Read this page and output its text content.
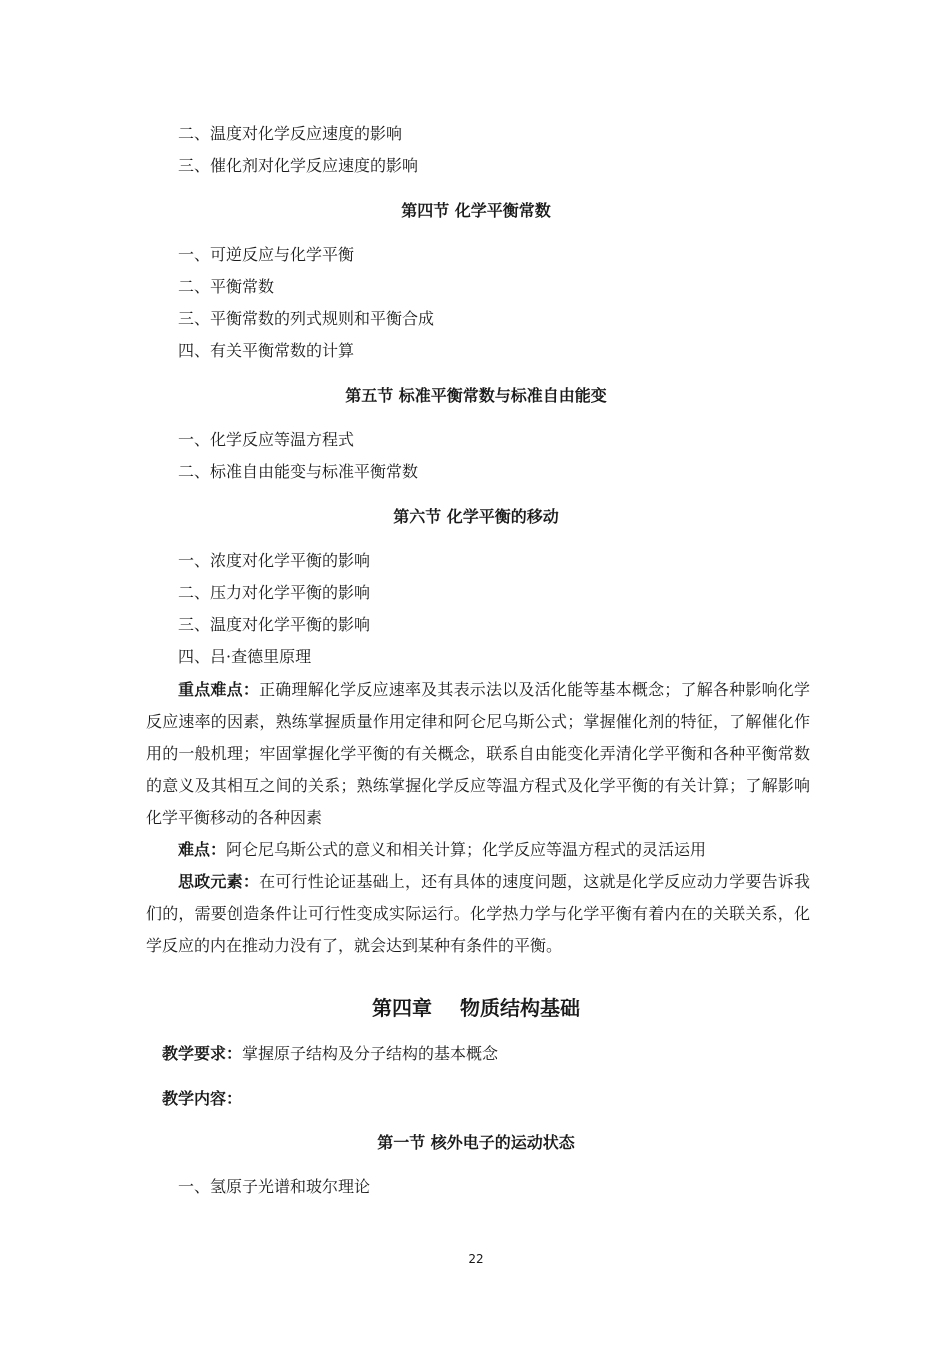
二、温度对化学反应速度的影响
三、催化剂对化学反应速度的影响
第四节 化学平衡常数
一、可逆反应与化学平衡
二、平衡常数
三、平衡常数的列式规则和平衡合成
四、有关平衡常数的计算
第五节 标准平衡常数与标准自由能变
一、化学反应等温方程式
二、标准自由能变与标准平衡常数
第六节 化学平衡的移动
一、浓度对化学平衡的影响
二、压力对化学平衡的影响
三、温度对化学平衡的影响
四、吕·查德里原理

重点难点：正确理解化学反应速率及其表示法以及活化能等基本概念；了解各种影响化学反应速率的因素，熟练掌握质量作用定律和阿仑尼乌斯公式；掌握催化剂的特征，了解催化作用的一般机理；牢固掌握化学平衡的有关概念，联系自由能变化弄清化学平衡和各种平衡常数的意义及其相互之间的关系；熟练掌握化学反应等温方程式及化学平衡的有关计算；了解影响化学平衡移动的各种因素

难点：阿仑尼乌斯公式的意义和相关计算；化学反应等温方程式的灵活运用

思政元素：在可行性论证基础上，还有具体的速度问题，这就是化学反应动力学要告诉我们的，需要创造条件让可行性变成实际运行。化学热力学与化学平衡有着内在的关联关系，化学反应的内在推动力没有了，就会达到某种有条件的平衡。

第四章 物质结构基础
教学要求：掌握原子结构及分子结构的基本概念
教学内容：
第一节 核外电子的运动状态
一、氢原子光谱和玻尔理论
22
